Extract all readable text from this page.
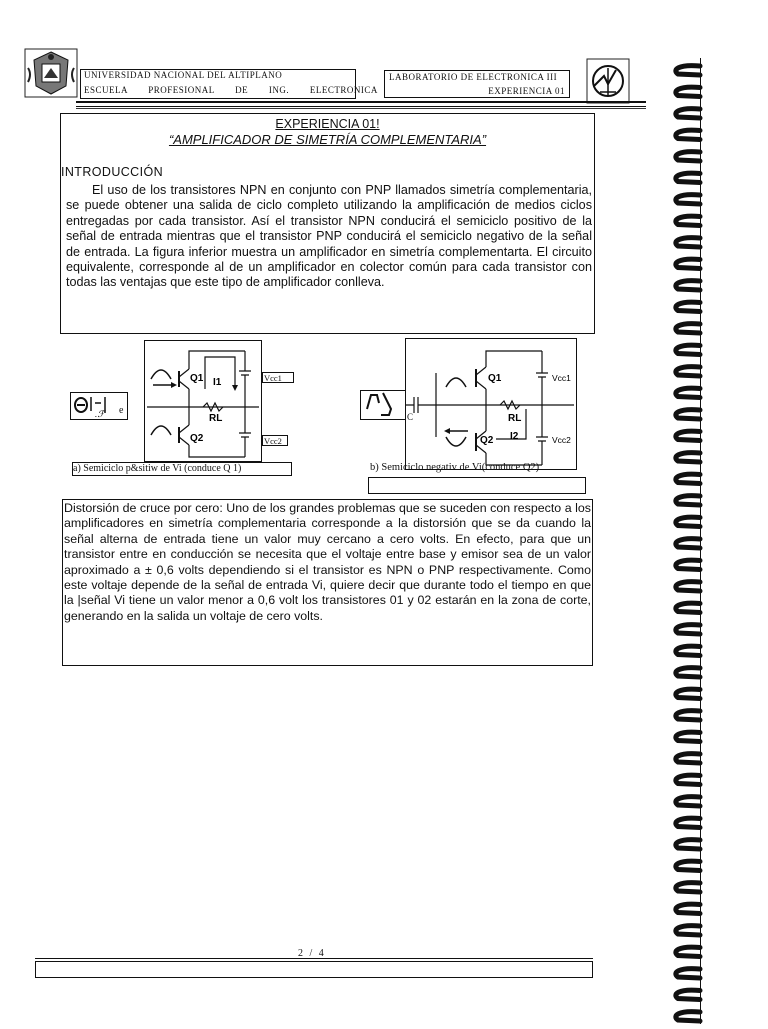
UNIVERSIDAD NACIONAL DEL ALTIPLANO
ESCUELA PROFESIONAL DE ING. ELECTRONICA
LABORATORIO DE ELECTRONICA III
EXPERIENCIA 01
EXPERIENCIA 01!
“AMPLIFICADOR DE SIMETRÍA COMPLEMENTARIA”
INTRODUCCIÓN
El uso de los transistores NPN en conjunto con PNP llamados simetría complementaria, se puede obtener una salida de ciclo completo utilizando la amplificación de medios ciclos entregadas por cada transistor. Así el transistor NPN conducirá el semiciclo positivo de la señal de entrada mientras que el transistor PNP conducirá el semiciclo negativo de la señal de entrada. La figura inferior muestra un amplificador en simetría complementarta. El circuito equivalente, corresponde al de un amplificador en colector común para cada transistor con todas las ventajas que este tipo de amplificador conlleva.
.ℱ e
Q1
Q2
I1
RL
Vcc1
Vcc2
a) Semiciclo p&sitiw de Vi (conduce Q 1)
Q1
Q2 I2
RL
Vcc1
Vcc2
C
b) Semiciclo negativ de Vi(conduce Q2)
Distorsión de cruce por cero: Uno de los grandes problemas que se suceden con respecto a los amplificadores en simetría complementaria corresponde a la distorsión que se da cuando la señal alterna de entrada tiene un valor muy cercano a cero volts. En efecto, para que un transistor entre en conducción se necesita que el voltaje entre base y emisor sea de un valor aproximado a ± 0,6 volts dependiendo si el transistor es NPN o PNP respectivamente. Como este voltaje depende de la señal de entrada Vi, quiere decir que durante todo el tiempo en que la |señal Vi tiene un valor menor a 0,6 volt los transistores 01 y 02 estarán en la zona de corte, generando en la salida un voltaje de cero volts.
2 / 4
